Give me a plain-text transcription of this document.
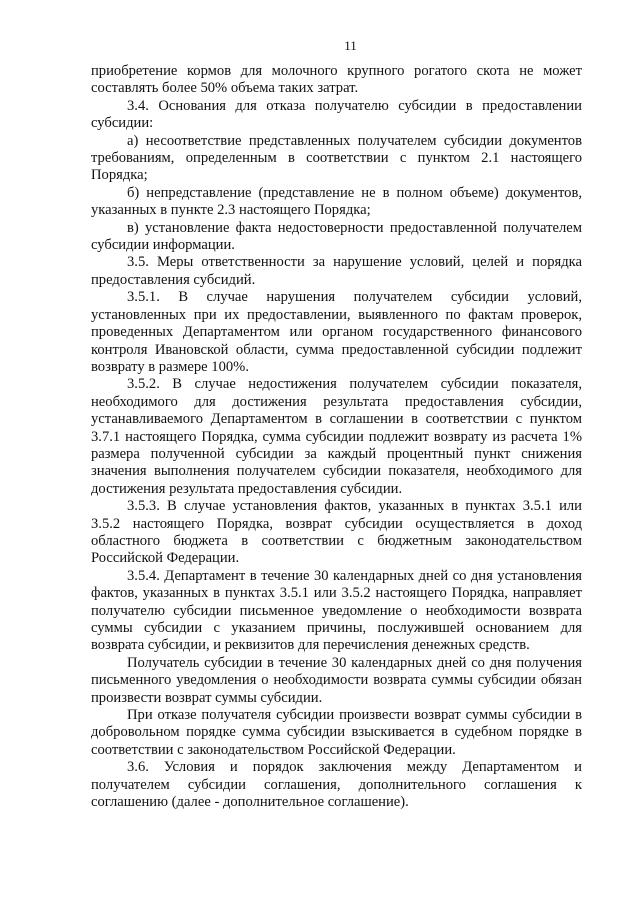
11

приобретение кормов для молочного крупного рогатого скота не может составлять более 50% объема таких затрат.

3.4. Основания для отказа получателю субсидии в предоставлении субсидии:

а) несоответствие представленных получателем субсидии документов требованиям, определенным в соответствии с пунктом 2.1 настоящего Порядка;

б) непредставление (представление не в полном объеме) документов, указанных в пункте 2.3 настоящего Порядка;

в) установление факта недостоверности предоставленной получателем субсидии информации.

3.5. Меры ответственности за нарушение условий, целей и порядка предоставления субсидий.

3.5.1. В случае нарушения получателем субсидии условий, установленных при их предоставлении, выявленного по фактам проверок, проведенных Департаментом или органом государственного финансового контроля Ивановской области, сумма предоставленной субсидии подлежит возврату в размере 100%.

3.5.2. В случае недостижения получателем субсидии показателя, необходимого для достижения результата предоставления субсидии, устанавливаемого Департаментом в соглашении в соответствии с пунктом 3.7.1 настоящего Порядка, сумма субсидии подлежит возврату из расчета 1% размера полученной субсидии за каждый процентный пункт снижения значения выполнения получателем субсидии показателя, необходимого для достижения результата предоставления субсидии.

3.5.3. В случае установления фактов, указанных в пунктах 3.5.1 или 3.5.2 настоящего Порядка, возврат субсидии осуществляется в доход областного бюджета в соответствии с бюджетным законодательством Российской Федерации.

3.5.4. Департамент в течение 30 календарных дней со дня установления фактов, указанных в пунктах 3.5.1 или 3.5.2 настоящего Порядка, направляет получателю субсидии письменное уведомление о необходимости возврата суммы субсидии с указанием причины, послужившей основанием для возврата субсидии, и реквизитов для перечисления денежных средств.

Получатель субсидии в течение 30 календарных дней со дня получения письменного уведомления о необходимости возврата суммы субсидии обязан произвести возврат суммы субсидии.

При отказе получателя субсидии произвести возврат суммы субсидии в добровольном порядке сумма субсидии взыскивается в судебном порядке в соответствии с законодательством Российской Федерации.

3.6. Условия и порядок заключения между Департаментом и получателем субсидии соглашения, дополнительного соглашения к соглашению (далее - дополнительное соглашение).
